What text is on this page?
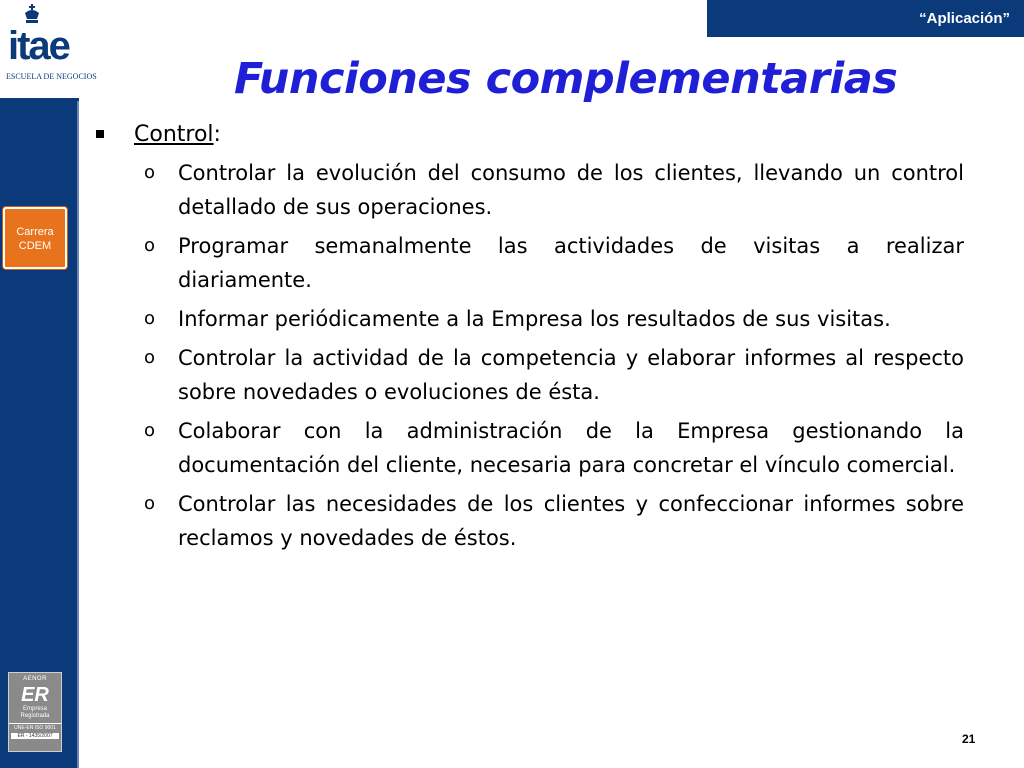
itae
ESCUELA DE NEGOCIOS
Carrera
CDEM
AENOR
ER
Empresa
Registrada
UNE-EN ISO 9001
ER - 1435/2007
“Aplicación”
Funciones complementarias
Control:
o Controlar la evolución del consumo de los clientes, llevando un control detallado de sus operaciones.
o Programar semanalmente las actividades de visitas a realizar diariamente.
o Informar periódicamente a la Empresa los resultados de sus visitas.
o Controlar la actividad de la competencia y elaborar informes al respecto sobre novedades o evoluciones de ésta.
o Colaborar con la administración de la Empresa gestionando la documentación del cliente, necesaria para concretar el vínculo comercial.
o Controlar las necesidades de los clientes y confeccionar informes sobre reclamos y novedades de éstos.
21
